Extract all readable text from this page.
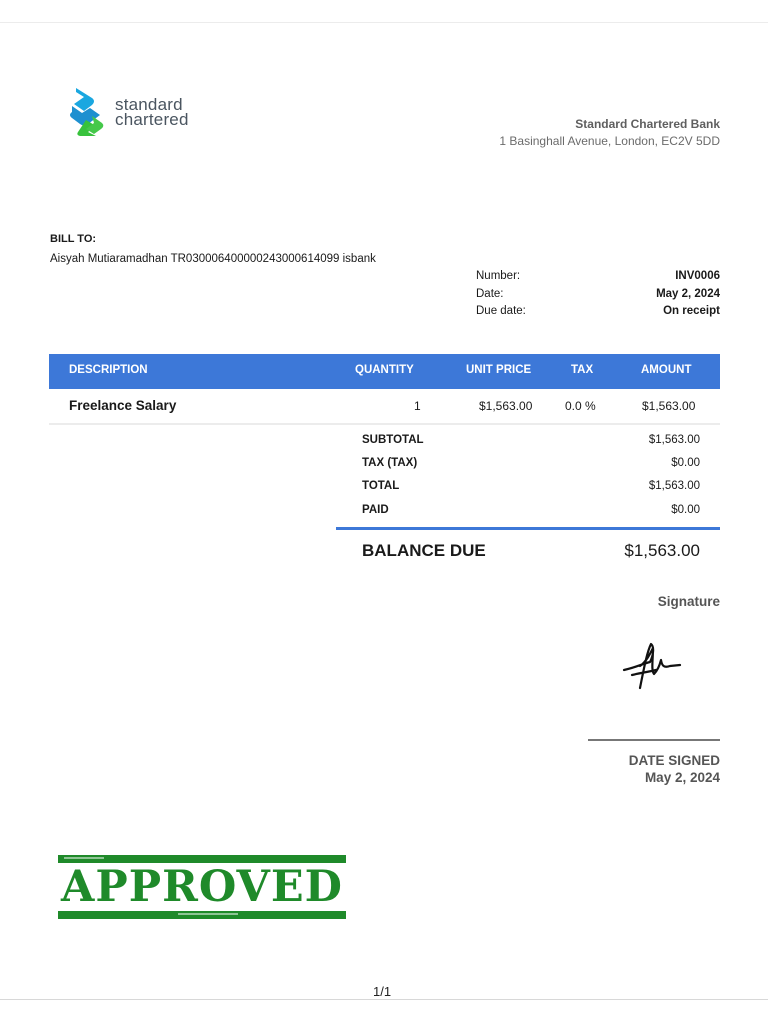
standard
chartered	Standard Chartered Bank
1 Basinghall Avenue, London, EC2V 5DD
BILL TO:
Aisyah Mutiaramadhan TR030006400000243000614099 isbank
Number:	INV0006
Date:	May 2, 2024
Due date:	On receipt
DESCRIPTION	QUANTITY	UNIT PRICE	TAX	AMOUNT
Freelance Salary	1	$1,563.00	0.0 %	$1,563.00
SUBTOTAL	$1,563.00
TAX (TAX)	$0.00
TOTAL	$1,563.00
PAID	$0.00
BALANCE DUE	$1,563.00
Signature
DATE SIGNED
May 2, 2024
APPROVED
1/1
